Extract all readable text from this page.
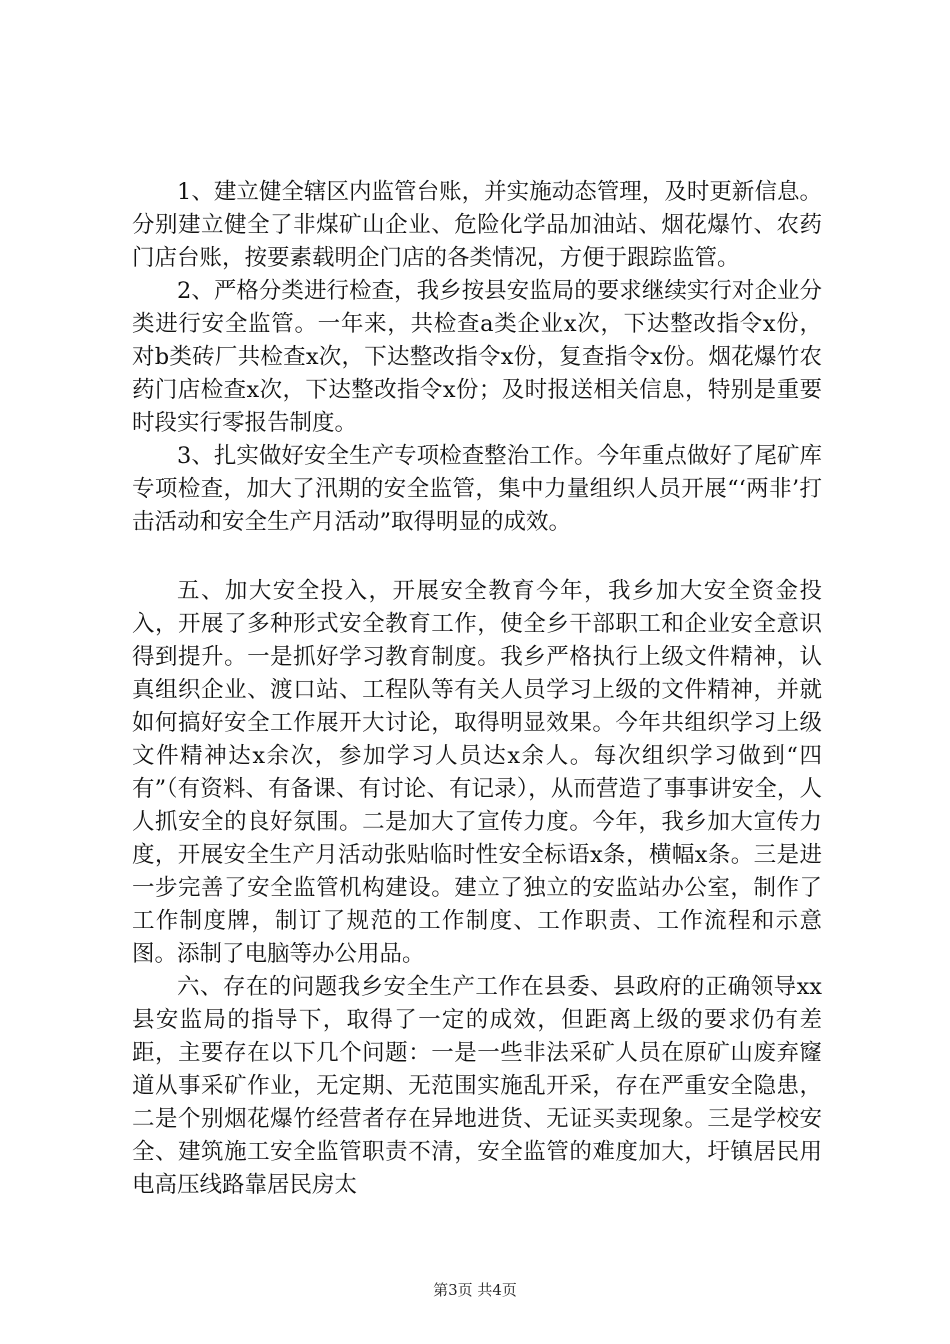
1、建立健全辖区内监管台账，并实施动态管理，及时更新信息。分别建立健全了非煤矿山企业、危险化学品加油站、烟花爆竹、农药门店台账，按要素载明企门店的各类情况，方便于跟踪监管。

2、严格分类进行检查，我乡按县安监局的要求继续实行对企业分类进行安全监管。一年来，共检查a类企业x次，下达整改指令x份，对b类砖厂共检查x次，下达整改指令x份，复查指令x份。烟花爆竹农药门店检查x次，下达整改指令x份；及时报送相关信息，特别是重要时段实行零报告制度。

3、扎实做好安全生产专项检查整治工作。今年重点做好了尾矿库专项检查，加大了汛期的安全监管，集中力量组织人员开展“‘两非’打击活动和安全生产月活动”取得明显的成效。

五、加大安全投入，开展安全教育今年，我乡加大安全资金投入，开展了多种形式安全教育工作，使全乡干部职工和企业安全意识得到提升。一是抓好学习教育制度。我乡严格执行上级文件精神，认真组织企业、渡口站、工程队等有关人员学习上级的文件精神，并就如何搞好安全工作展开大讨论，取得明显效果。今年共组织学习上级文件精神达x余次，参加学习人员达x余人。每次组织学习做到“四有”（有资料、有备课、有讨论、有记录），从而营造了事事讲安全，人人抓安全的良好氛围。二是加大了宣传力度。今年，我乡加大宣传力度，开展安全生产月活动张贴临时性安全标语x条，横幅x条。三是进一步完善了安全监管机构建设。建立了独立的安监站办公室，制作了工作制度牌，制订了规范的工作制度、工作职责、工作流程和示意图。添制了电脑等办公用品。

六、存在的问题我乡安全生产工作在县委、县政府的正确领导xx县安监局的指导下，取得了一定的成效，但距离上级的要求仍有差距，主要存在以下几个问题：一是一些非法采矿人员在原矿山废弃窿道从事采矿作业，无定期、无范围实施乱开采，存在严重安全隐患，二是个别烟花爆竹经营者存在异地进货、无证买卖现象。三是学校安全、建筑施工安全监管职责不清，安全监管的难度加大，圩镇居民用电高压线路靠居民房太

第3页 共4页
